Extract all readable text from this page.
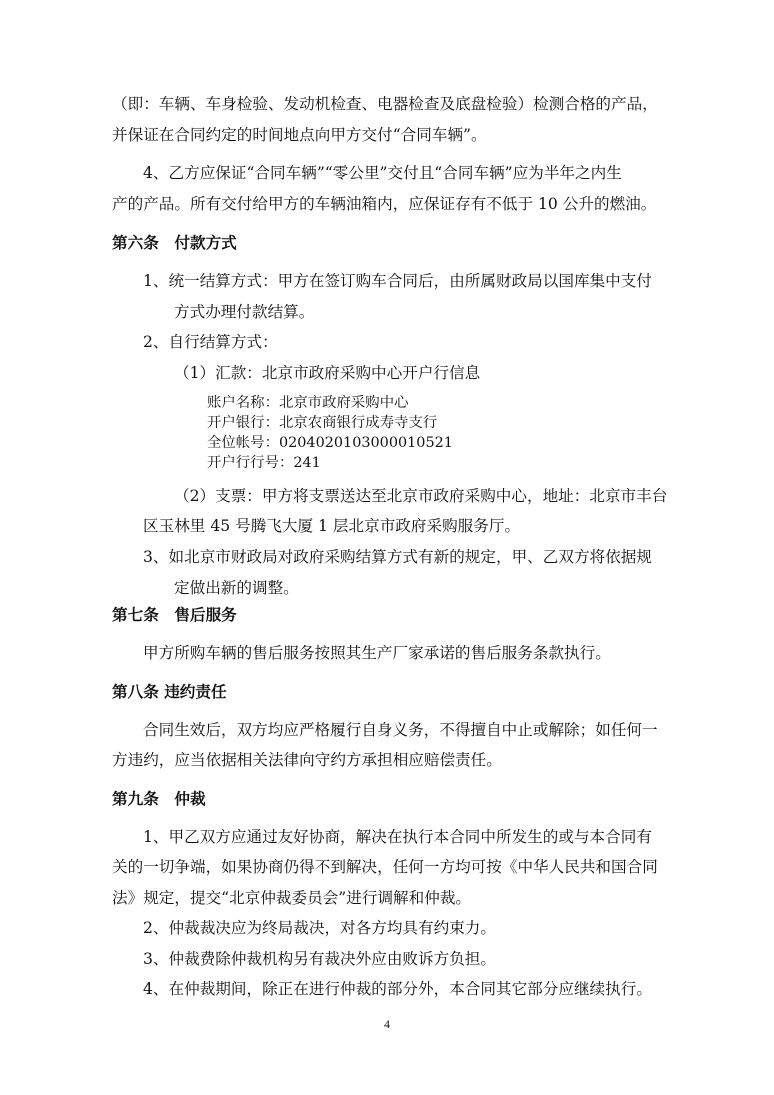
（即：车辆、车身检验、发动机检查、电器检查及底盘检验）检测合格的产品，
并保证在合同约定的时间地点向甲方交付“合同车辆”。
4、乙方应保证“合同车辆”“零公里”交付且“合同车辆”应为半年之内生
产的产品。所有交付给甲方的车辆油箱内，应保证存有不低于 10 公升的燃油。
第六条　付款方式
1、统一结算方式：甲方在签订购车合同后，由所属财政局以国库集中支付
方式办理付款结算。
2、自行结算方式：
（1）汇款：北京市政府采购中心开户行信息
账户名称：北京市政府采购中心
开户银行：北京农商银行成寿寺支行
全位帐号：0204020103000010521
开户行行号：241
（2）支票：甲方将支票送达至北京市政府采购中心，地址：北京市丰台
区玉林里 45 号腾飞大厦 1 层北京市政府采购服务厅。
3、如北京市财政局对政府采购结算方式有新的规定，甲、乙双方将依据规
定做出新的调整。
第七条　售后服务
甲方所购车辆的售后服务按照其生产厂家承诺的售后服务条款执行。
第八条 违约责任
合同生效后，双方均应严格履行自身义务，不得擅自中止或解除；如任何一
方违约，应当依据相关法律向守约方承担相应赔偿责任。
第九条　仲裁
1、甲乙双方应通过友好协商，解决在执行本合同中所发生的或与本合同有
关的一切争端，如果协商仍得不到解决，任何一方均可按《中华人民共和国合同
法》规定，提交“北京仲裁委员会”进行调解和仲裁。
2、仲裁裁决应为终局裁决，对各方均具有约束力。
3、仲裁费除仲裁机构另有裁决外应由败诉方负担。
4、在仲裁期间，除正在进行仲裁的部分外，本合同其它部分应继续执行。
4
